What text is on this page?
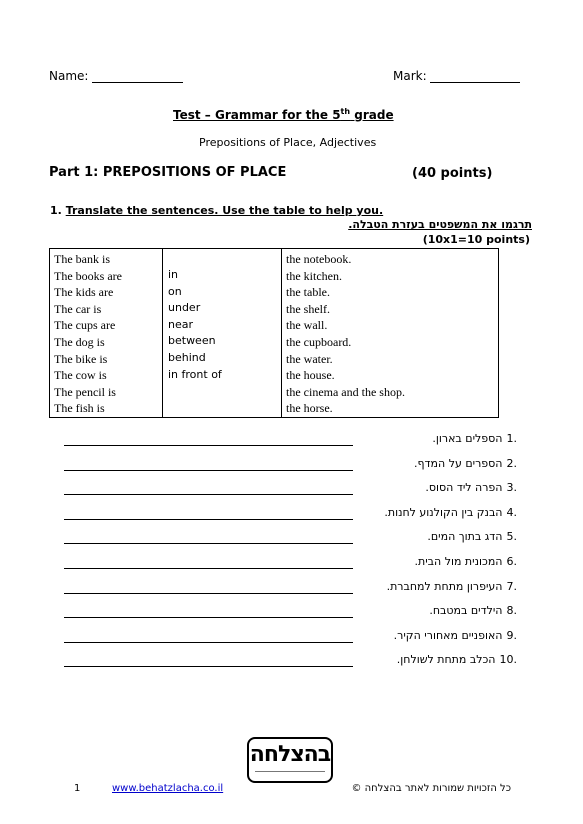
Name:	Mark:
Test – Grammar for the 5th grade
Prepositions of Place, Adjectives
Part 1: PREPOSITIONS OF PLACE	(40 points)
1. Translate the sentences. Use the table to help you.
תרגמו את המשפטים בעזרת הטבלה.
(10x1=10 points)
The bank is
The books are
The kids are
The car is
The cups are
The dog is
The bike is
The cow is
The pencil is
The fish is

in
on
under
near
between
behind
in front of

the notebook.
the kitchen.
the table.
the shelf.
the wall.
the cupboard.
the water.
the house.
the cinema and the shop.
the horse.
.1הספלים בארון.
.2הספרים על המדף.
.3הפרה ליד הסוס.
.4הבנק בין הקולנוע לחנות.
.5הדג בתוך המים.
.6המכונית מול הבית.
.7העיפרון מתחת למחברת.
.8הילדים במטבח.
.9האופניים מאחורי הקיר.
.10הכלב מתחת לשולחן.
בהצלחה
1	www.behatzlacha.co.il	כל הזכויות שמורות לאתר בהצלחה ©
